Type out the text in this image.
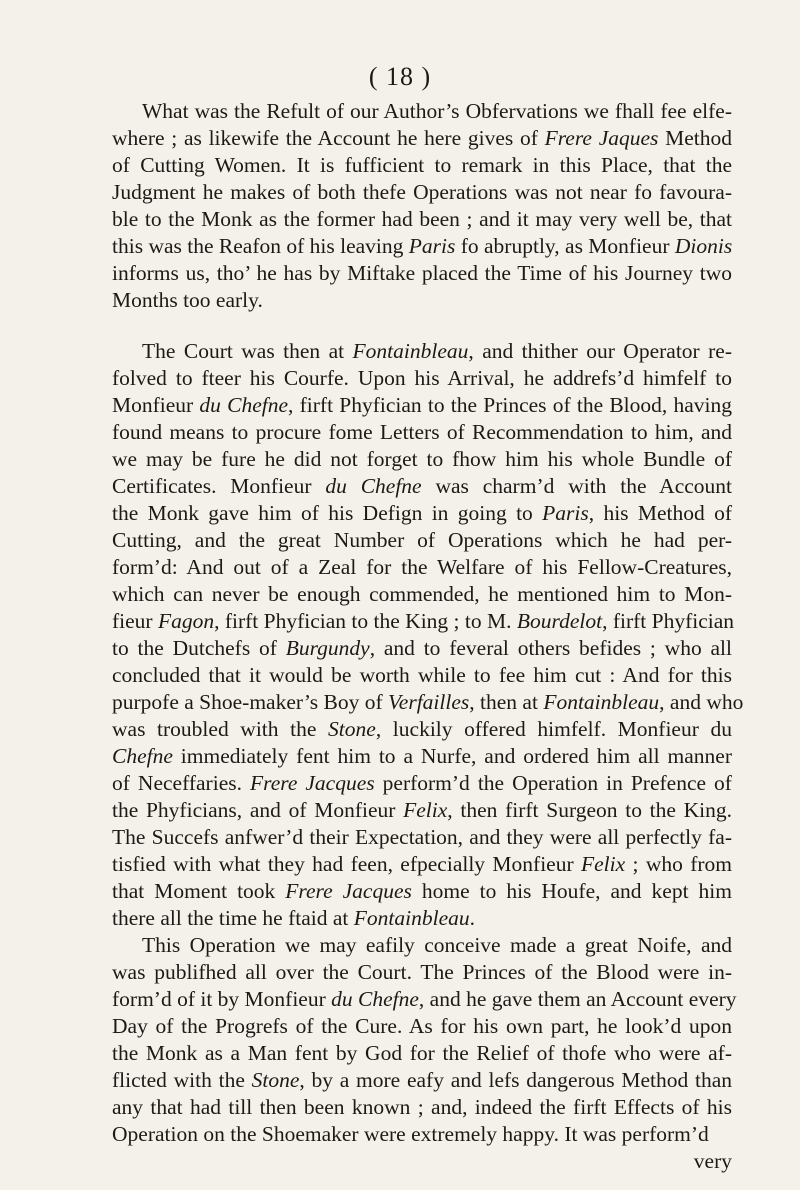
( 18 )
What was the Refult of our Author’s Obfervations we fhall fee elfe-
where ; as likewife the Account he here gives of Frere Jaques Method
of Cutting Women. It is fufficient to remark in this Place, that the
Judgment he makes of both thefe Operations was not near fo favoura-
ble to the Monk as the former had been ; and it may very well be, that
this was the Reafon of his leaving Paris fo abruptly, as Monfieur Dionis
informs us, tho’ he has by Miftake placed the Time of his Journey two
Months too early.
The Court was then at Fontainbleau, and thither our Operator re-
folved to fteer his Courfe. Upon his Arrival, he addrefs’d himfelf to
Monfieur du Chefne, firft Phyfician to the Princes of the Blood, having
found means to procure fome Letters of Recommendation to him, and
we may be fure he did not forget to fhow him his whole Bundle of
Certificates. Monfieur du Chefne was charm’d with the Account
the Monk gave him of his Defign in going to Paris, his Method of
Cutting, and the great Number of Operations which he had per-
form’d: And out of a Zeal for the Welfare of his Fellow-Creatures,
which can never be enough commended, he mentioned him to Mon-
fieur Fagon, firft Phyfician to the King ; to M. Bourdelot, firft Phyfician
to the Dutchefs of Burgundy, and to feveral others befides ; who all
concluded that it would be worth while to fee him cut : And for this
purpofe a Shoe-maker’s Boy of Verfailles, then at Fontainbleau, and who
was troubled with the Stone, luckily offered himfelf. Monfieur du
Chefne immediately fent him to a Nurfe, and ordered him all manner
of Neceffaries. Frere Jacques perform’d the Operation in Prefence of
the Phyficians, and of Monfieur Felix, then firft Surgeon to the King.
The Succefs anfwer’d their Expectation, and they were all perfectly fa-
tisfied with what they had feen, efpecially Monfieur Felix ; who from
that Moment took Frere Jacques home to his Houfe, and kept him
there all the time he ftaid at Fontainbleau.
This Operation we may eafily conceive made a great Noife, and
was publifhed all over the Court. The Princes of the Blood were in-
form’d of it by Monfieur du Chefne, and he gave them an Account every
Day of the Progrefs of the Cure. As for his own part, he look’d upon
the Monk as a Man fent by God for the Relief of thofe who were af-
flicted with the Stone, by a more eafy and lefs dangerous Method than
any that had till then been known ; and, indeed the firft Effects of his
Operation on the Shoemaker were extremely happy. It was perform’d
very
